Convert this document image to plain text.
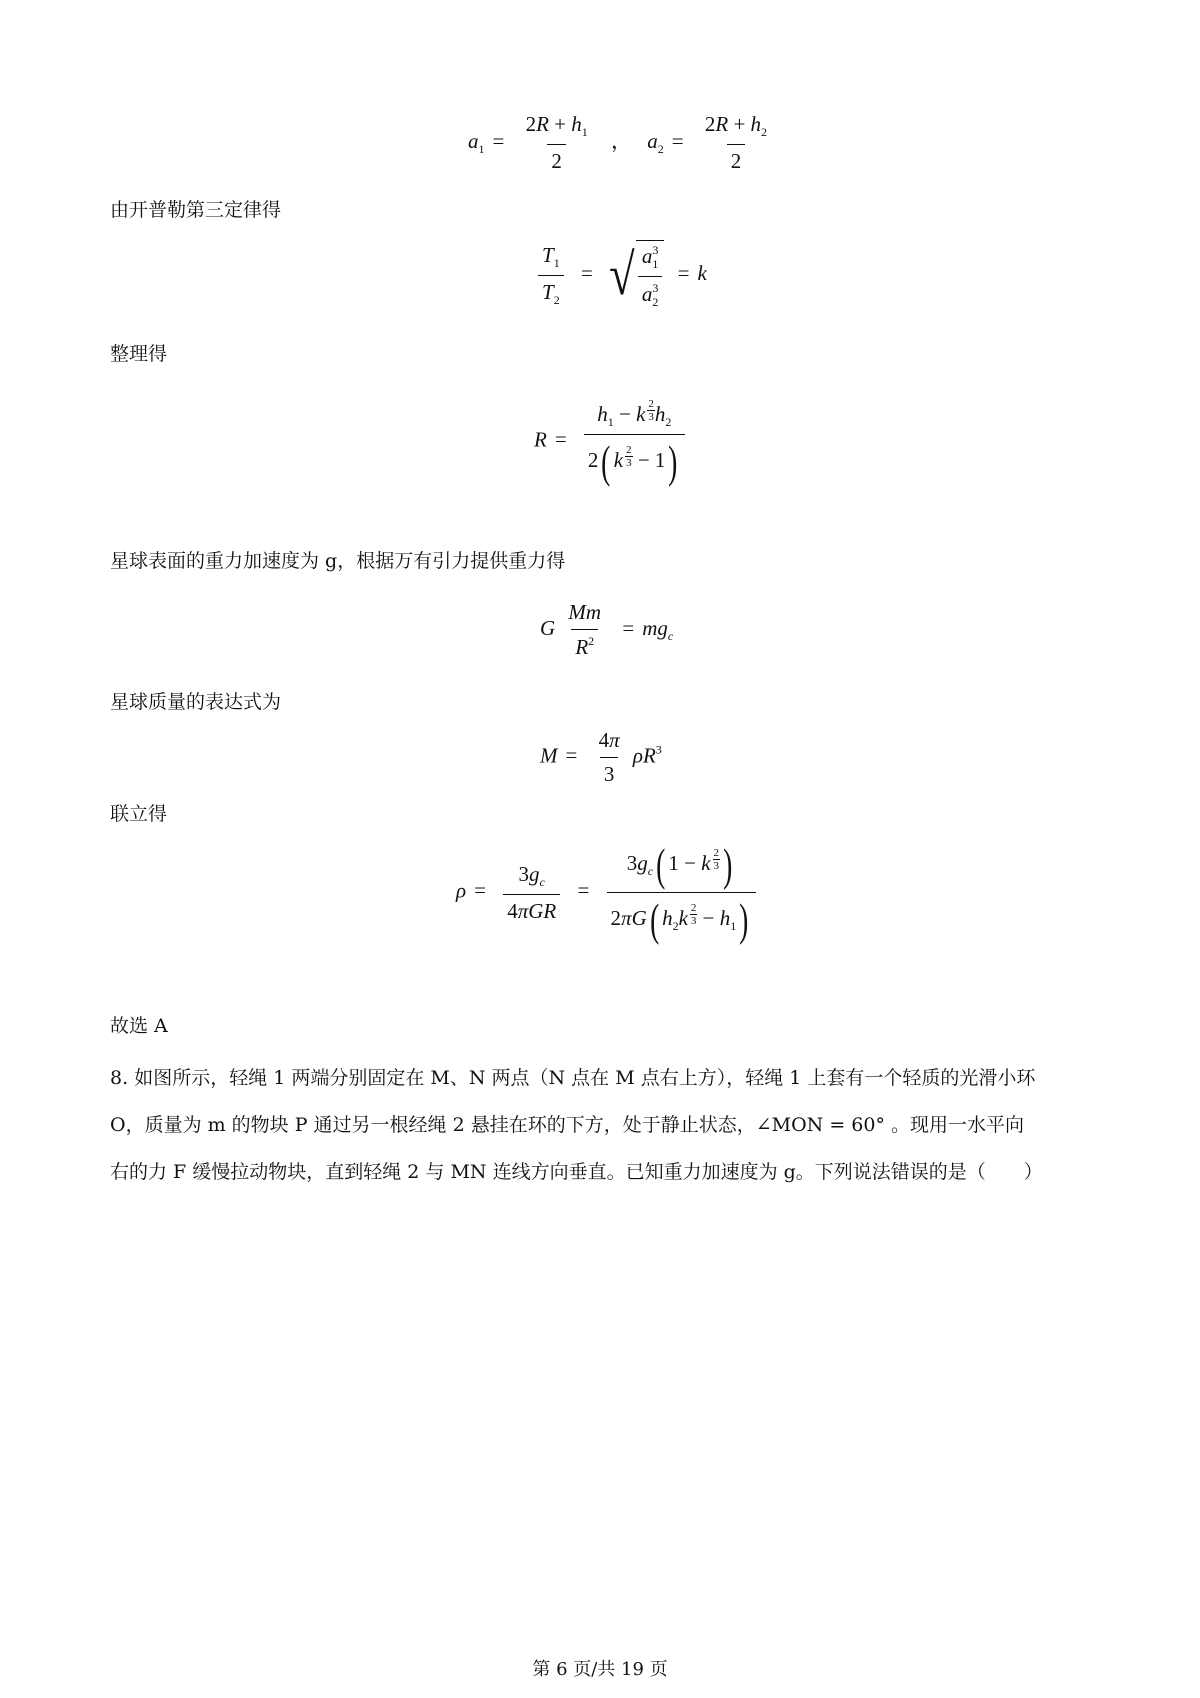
$a_1 = \frac{2R + h_1}{2}$ ， $a_2 = \frac{2R + h_2}{2}$
由开普勒第三定律得
$\frac{T_1}{T_2}$ = √ $\frac{a_1^3}{a_2^3} = k$
整理得
$R = \frac{h_1 - k \frac{2}{3} h_2}{2( k \frac{2}{3} - 1)}$
星球表面的重力加速度为 g，根据万有引力提供重力得
G $\frac{Mm}{R^2} = mg_c$
星球质量的表达式为
$M = \frac{4\pi}{3} \rho R^3$
联立得
$\rho = \frac{3g_c}{\text{4πGR}} = \frac{3g_c( 1 - k \frac{2}{3} )}{2\pi G( h_2k \frac{2}{3} - h_1)}$
故选 A
8. 如图所示，轻绳 1 两端分别固定在 M、N 两点（N 点在 M 点右上方），轻绳 1 上套有一个轻质的光滑小环
O，质量为 m 的物块 P 通过另一根经绳 2 悬挂在环的下方，处于静止状态，∠MON = 60° 。现用一水平向
右的力 F 缓慢拉动物块，直到轻绳 2 与 MN 连线方向垂直。已知重力加速度为 g。下列说法错误的是（　　）
第 6 页/共 19 页
